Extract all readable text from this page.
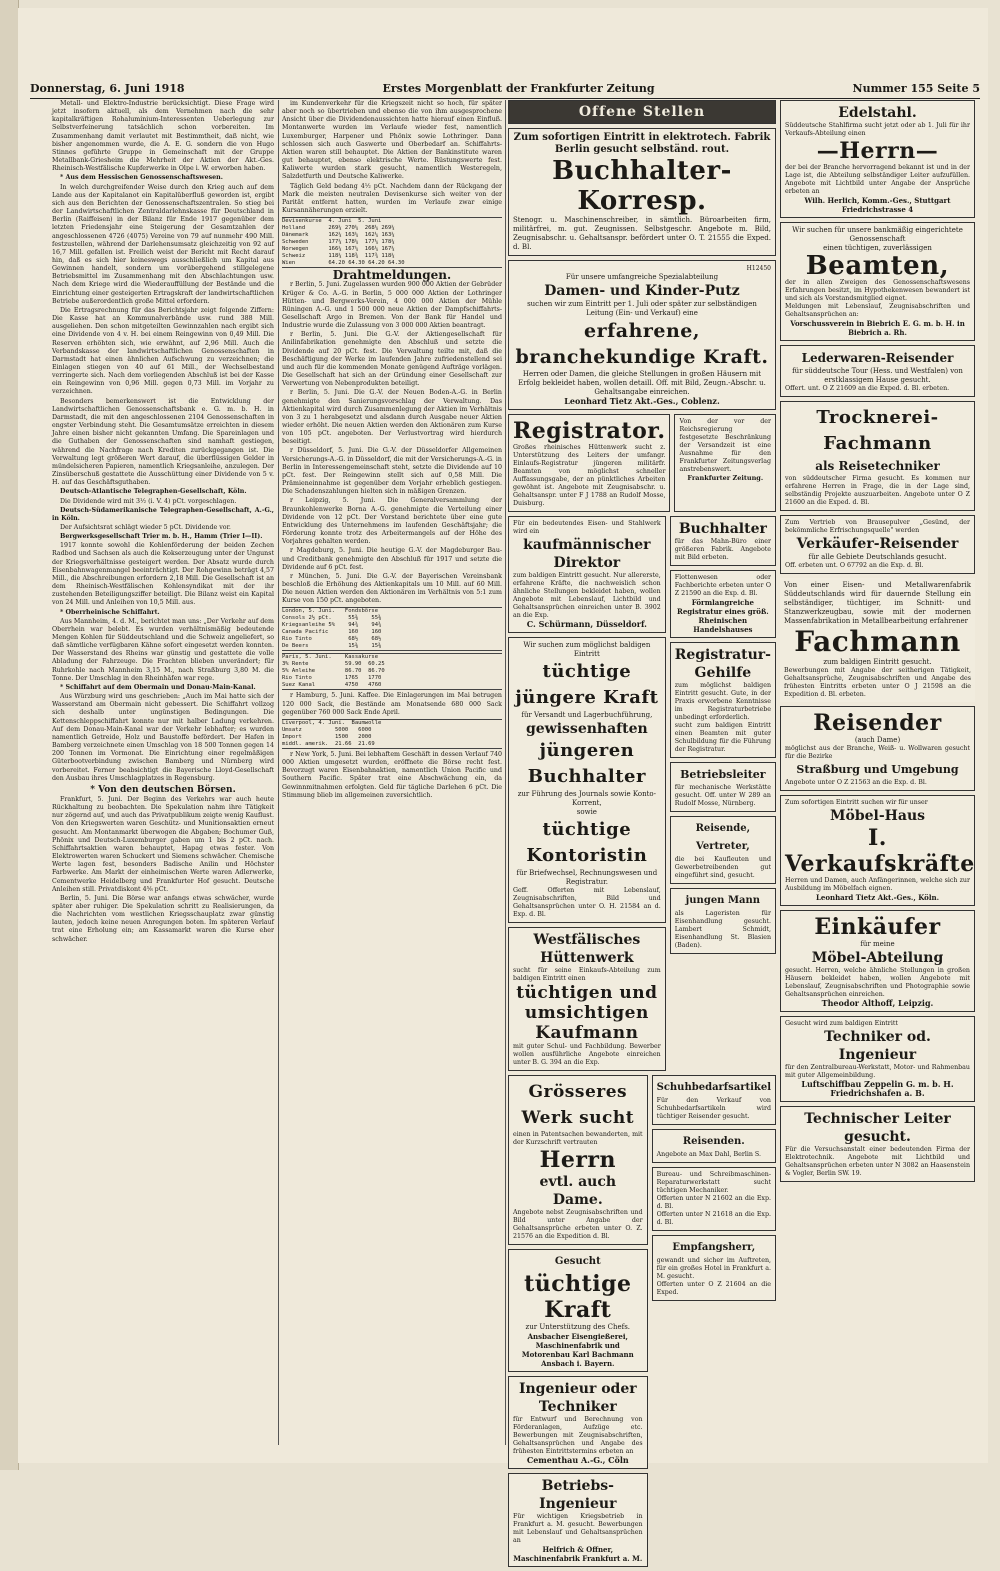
Donnerstag, 6. Juni 1918	Erstes Morgenblatt der Frankfurter Zeitung	Nummer 155 Seite 5

Metall- und Elektro-Industrie berücksichtigt. Diese Frage wird jetzt insofern aktuell, als dem Vernehmen nach die sehr kapitalkräftigen Rohaluminium-Interessenten Ueberlegung zur Selbstverfeinerung tatsächlich schon vorbereiten. Im Zusammenhang damit verlautet mit Bestimmtheit, daß nicht, wie bisher angenommen wurde, die A. E. G. sondern die von Hugo Stinnes geführte Gruppe in Gemeinschaft mit der Gruppe Metallbank-Griesheim die Mehrheit der Aktien der Akt.-Ges. Rheinisch-Westfälische Kupferwerke in Olpe i. W. erworben haben.

* Aus dem Hessischen Genossenschaftswesen.

In welch durchgreifender Weise durch den Krieg auch auf dem Lande aus der Kapitalanot ein Kapitalüberfluß geworden ist, ergibt sich aus den Berichten der Genossenschaftszentralen. So stieg bei der Landwirtschaftlichen Zentraldarlehnskasse für Deutschland in Berlin (Raiffeisen) in der Bilanz für Ende 1917 gegenüber dem letzten Friedensjahr eine Steigerung der Gesamtzahlen der angeschlossenen 4726 (4075) Vereine von 79 auf nunmehr 490 Mill. festzustellen, während der Darlehensumsatz gleichzeitig von 92 auf 16,7 Mill. gefallen ist. Freilich weist der Bericht mit Recht darauf hin, daß es sich hier keineswegs ausschließlich um Kapital aus Gewinnen handelt, sondern um vorübergehend stillgelegene Betriebsmittel im Zusammenhang mit den Abschlachtungen usw. Nach dem Kriege wird die Wiederauffüllung der Bestände und die Einrichtung einer gesteigerten Ertragskraft der landwirtschaftlichen Betriebe außerordentlich große Mittel erfordern.

Die Ertragsrechnung für das Berichtsjahr zeigt folgende Ziffern: Die Kasse hat an Kommunalverbände usw. rund 388 Mill. ausgeliehen. Den schon mitgeteilten Gewinnzahlen nach ergibt sich eine Dividende von 4 v. H. bei einem Reingewinn von 0,49 Mill. Die Reserven erhöhten sich, wie erwähnt, auf 2,96 Mill. Auch die Verbandskasse der landwirtschaftlichen Genossenschaften in Darmstadt hat einen ähnlichen Aufschwung zu verzeichnen; die Einlagen stiegen von 40 auf 61 Mill., der Wechselbestand verringerte sich. Nach dem vorliegenden Abschluß ist bei der Kasse ein Reingewinn von 0,96 Mill. gegen 0,73 Mill. im Vorjahr zu verzeichnen.

Besonders bemerkenswert ist die Entwicklung der Landwirtschaftlichen Genossenschaftsbank e. G. m. b. H. in Darmstadt, die mit den angeschlossenen 2104 Genossenschaften in engster Verbindung steht. Die Gesamtumsätze erreichten in diesem Jahre einen bisher nicht gekannten Umfang. Die Spareinlagen und die Guthaben der Genossenschaften sind namhaft gestiegen, während die Nachfrage nach Krediten zurückgegangen ist. Die Verwaltung legt größeren Wert darauf, die überflüssigen Gelder in mündelsicheren Papieren, namentlich Kriegsanleihe, anzulegen. Der Zinsüberschuß gestattete die Ausschüttung einer Dividende von 5 v. H. auf das Geschäftsguthaben.

Deutsch-Atlantische Telegraphen-Gesellschaft, Köln.

Die Dividende wird mit 3½ (i. V. 4) pCt. vorgeschlagen.

Deutsch-Südamerikanische Telegraphen-Gesellschaft, A.-G., in Köln.

Der Aufsichtsrat schlägt wieder 5 pCt. Dividende vor.

Bergwerksgesellschaft Trier m. b. H., Hamm (Trier I—II).

1917 konnte sowohl die Kohlenförderung der beiden Zechen Radbod und Sachsen als auch die Kokserzeugung unter der Ungunst der Kriegsverhältnisse gesteigert werden. Der Absatz wurde durch Eisenbahnwagenmangel beeinträchtigt. Der Rohgewinn beträgt 4,57 Mill., die Abschreibungen erfordern 2,18 Mill. Die Gesellschaft ist an dem Rheinisch-Westfälischen Kohlensyndikat mit der ihr zustehenden Beteiligungsziffer beteiligt. Die Bilanz weist ein Kapital von 24 Mill. und Anleihen von 10,5 Mill. aus.

* Oberrheinische Schiffahrt.

Aus Mannheim, 4. d. M., berichtet man uns: „Der Verkehr auf dem Oberrhein war belebt. Es wurden verhältnismäßig bedeutende Mengen Kohlen für Süddeutschland und die Schweiz angeliefert, so daß sämtliche verfügbaren Kähne sofort eingesetzt werden konnten. Der Wasserstand des Rheins war günstig und gestattete die volle Abladung der Fahrzeuge. Die Frachten blieben unverändert; für Ruhrkohle nach Mannheim 3,15 M., nach Straßburg 3,80 M. die Tonne. Der Umschlag in den Rheinhäfen war rege.

* Schiffahrt auf dem Obermain und Donau-Main-Kanal.

Aus Würzburg wird uns geschrieben: „Auch im Mai hatte sich der Wasserstand am Obermain nicht gebessert. Die Schiffahrt vollzog sich deshalb unter ungünstigen Bedingungen. Die Kettenschleppschiffahrt konnte nur mit halber Ladung verkehren. Auf dem Donau-Main-Kanal war der Verkehr lebhafter; es wurden namentlich Getreide, Holz und Baustoffe befördert. Der Hafen in Bamberg verzeichnete einen Umschlag von 18 500 Tonnen gegen 14 200 Tonnen im Vormonat. Die Einrichtung einer regelmäßigen Güterbootverbindung zwischen Bamberg und Nürnberg wird vorbereitet. Ferner beabsichtigt die Bayerische Lloyd-Gesellschaft den Ausbau ihres Umschlagplatzes in Regensburg.

* Von den deutschen Börsen.

Frankfurt, 5. Juni. Der Beginn des Verkehrs war auch heute Rückhaltung zu beobachten. Die Spekulation nahm ihre Tätigkeit nur zögernd auf, und auch das Privatpublikum zeigte wenig Kauflust. Von den Kriegswerten waren Geschütz- und Munitionsaktien erneut gesucht. Am Montanmarkt überwogen die Abgaben; Bochumer Guß, Phönix und Deutsch-Luxemburger gaben um 1 bis 2 pCt. nach. Schiffahrtsaktien waren behauptet, Hapag etwas fester. Von Elektrowerten waren Schuckert und Siemens schwächer. Chemische Werte lagen fest, besonders Badische Anilin und Höchster Farbwerke. Am Markt der einheimischen Werte waren Adlerwerke, Cementwerke Heidelberg und Frankfurter Hof gesucht. Deutsche Anleihen still. Privatdiskont 4⅝ pCt.

Berlin, 5. Juni. Die Börse war anfangs etwas schwächer, wurde später aber ruhiger. Die Spekulation schritt zu Realisierungen, da die Nachrichten vom westlichen Kriegsschauplatz zwar günstig lauten, jedoch keine neuen Anregungen boten. Im späteren Verlauf trat eine Erholung ein; am Kassamarkt waren die Kurse eher schwächer.

im Kundenverkehr für die Kriegszeit nicht so hoch, für später aber noch so übertrieben und ebenso die von ihm ausgesprochene Ansicht über die Dividendenaussichten hatte hierauf einen Einfluß. Montanwerte wurden im Verlaufe wieder fest, namentlich Luxemburger, Harpener und Phönix sowie Lothringer. Dann schlossen sich auch Gaswerte und Oberbedarf an. Schiffahrts-Aktien waren still behauptet. Die Aktien der Bankinstitute waren gut behauptet, ebenso elektrische Werte. Rüstungswerte fest. Kaliwerte wurden stark gesucht, namentlich Westeregeln, Salzdetfurth und Deutsche Kaliwerke.

Täglich Geld bedang 4½ pCt. Nachdem dann der Rückgang der Mark die meisten neutralen Devisenkurse sich weiter von der Parität entfernt hatten, wurden im Verlaufe zwar einige Kursannäherungen erzielt.

Devisenkurse  4. Juni  5. Juni
Holland       269¼ 270¼  268¼ 269¼
Dänemark      162¼ 163¼  162¼ 163¼
Schweden      177¼ 178¼  177¼ 178¼
Norwegen      166¼ 167¼  166¼ 167¼
Schweiz       118¼ 118¾  117¾ 118¼
Wien          64.20 64.30 64.20 64.30
Drahtmeldungen.

r Berlin, 5. Juni. Zugelassen wurden 900 000 Aktien der Gebrüder Krüger & Co. A.-G. in Berlin, 5 000 000 Aktien der Lothringer Hütten- und Bergwerks-Verein, 4 000 000 Aktien der Mühle Rüningen A.-G. und 1 500 000 neue Aktien der Dampfschiffahrts-Gesellschaft Argo in Bremen. Von der Bank für Handel und Industrie wurde die Zulassung von 3 000 000 Aktien beantragt.

r Berlin, 5. Juni. Die G.-V. der Aktiengesellschaft für Anilinfabrikation genehmigte den Abschluß und setzte die Dividende auf 20 pCt. fest. Die Verwaltung teilte mit, daß die Beschäftigung der Werke im laufenden Jahre zufriedenstellend sei und auch für die kommenden Monate genügend Aufträge vorlägen. Die Gesellschaft hat sich an der Gründung einer Gesellschaft zur Verwertung von Nebenprodukten beteiligt.

r Berlin, 5. Juni. Die G.-V. der Neuen Boden-A.-G. in Berlin genehmigte den Sanierungsvorschlag der Verwaltung. Das Aktienkapital wird durch Zusammenlegung der Aktien im Verhältnis von 3 zu 1 herabgesetzt und alsdann durch Ausgabe neuer Aktien wieder erhöht. Die neuen Aktien werden den Aktionären zum Kurse von 105 pCt. angeboten. Der Verlustvortrag wird hierdurch beseitigt.

r Düsseldorf, 5. Juni. Die G.-V. der Düsseldorfer Allgemeinen Versicherungs-A.-G. in Düsseldorf, die mit der Versicherungs-A.-G. in Berlin in Interessengemeinschaft steht, setzte die Dividende auf 10 pCt. fest. Der Reingewinn stellt sich auf 0,58 Mill. Die Prämieneinnahme ist gegenüber dem Vorjahr erheblich gestiegen. Die Schadenszahlungen hielten sich in mäßigen Grenzen.

r Leipzig, 5. Juni. Die Generalversammlung der Braunkohlenwerke Borna A.-G. genehmigte die Verteilung einer Dividende von 12 pCt. Der Vorstand berichtete über eine gute Entwicklung des Unternehmens im laufenden Geschäftsjahr; die Förderung konnte trotz des Arbeitermangels auf der Höhe des Vorjahres gehalten werden.

r Magdeburg, 5. Juni. Die heutige G.-V. der Magdeburger Bau- und Creditbank genehmigte den Abschluß für 1917 und setzte die Dividende auf 6 pCt. fest.

r München, 5. Juni. Die G.-V. der Bayerischen Vereinsbank beschloß die Erhöhung des Aktienkapitals um 10 Mill. auf 60 Mill. Die neuen Aktien werden den Aktionären im Verhältnis von 5:1 zum Kurse von 150 pCt. angeboten.

London, 5. Juni.   Fondsbörse
Consols 2½ pCt.     55⅜    55⅜
Kriegsanleihe 5%    94¾    94¾
Canada Pacific      160    160
Rio Tinto           68½    68½
De Beers            15⅜    15⅜
Paris, 5. Juni.    Kassakurse
3% Rente           59.90  60.25
5% Anleihe         86.70  86.70
Rio Tinto          1765   1770
Suez Kanal         4750   4760

r Hamburg, 5. Juni. Kaffee. Die Einlagerungen im Mai betrugen 120 000 Sack, die Bestände am Monatsende 680 000 Sack gegenüber 760 000 Sack Ende April.

Liverpool, 4. Juni.  Baumwolle
Umsatz          5000   6000
Import          1500   2000
middl. amerik.  21.66  21.69

r New York, 5. Juni. Bei lebhaftem Geschäft in dessen Verlauf 740 000 Aktien umgesetzt wurden, eröffnete die Börse recht fest. Bevorzugt waren Eisenbahnaktien, namentlich Union Pacific und Southern Pacific. Später trat eine Abschwächung ein, da Gewinnmitnahmen erfolgten. Geld für tägliche Darlehen 6 pCt. Die Stimmung blieb im allgemeinen zuversichtlich.

Offene Stellen
Zum sofortigen Eintritt in elektrotech. Fabrik Berlin gesucht selbständ. rout.
Buchhalter-Korresp.
Stenogr. u. Maschinenschreiber, in sämtlich. Büroarbeiten firm, militärfrei, m. gut. Zeugnissen. Selbstgeschr. Angebote m. Bild, Zeugnisabschr. u. Gehaltsanspr. befördert unter O. T. 21555 die Exped. d. Bl.
H12450
Für unsere umfangreiche Spezialabteilung
Damen- und Kinder-Putz
suchen wir zum Eintritt per 1. Juli oder später zur selbständigen Leitung (Ein- und Verkauf) eine
erfahrene, branchekundige Kraft.
Herren oder Damen, die gleiche Stellungen in großen Häusern mit Erfolg bekleidet haben, wollen detaill. Off. mit Bild, Zeugn.-Abschr. u. Gehaltsangabe einreichen.
Leonhard Tietz Akt.-Ges., Coblenz.
Registrator.
Großes rheinisches Hüttenwerk sucht z. Unterstützung des Leiters der umfangr. Einlaufs-Registratur jüngeren militärfr. Beamten von möglichst schneller Auffassungsgabe, der an pünktliches Arbeiten gewöhnt ist. Angebote mit Zeugnisabschr. u. Gehaltsanspr. unter F J 1788 an Rudolf Mosse, Duisburg.
Von der vor der Reichsregierung festgesetzte Beschränkung der Versandzeit ist eine Ausnahme für den Frankfurter Zeitungsverlag anstrebenswert.
Frankfurter Zeitung.
Für ein bedeutendes Eisen- und Stahlwerk wird ein
kaufmännischer Direktor
zum baldigen Eintritt gesucht. Nur allererste, erfahrene Kräfte, die nachweislich schon ähnliche Stellungen bekleidet haben, wollen Angebote mit Lebenslauf, Lichtbild und Gehaltsansprüchen einreichen unter B. 3902 an die Exp.
C. Schürmann, Düsseldorf.
Wir suchen zum möglichst baldigen Eintritt
tüchtige jüngere Kraft
für Versandt und Lagerbuchführung,
gewissenhaften
jüngeren Buchhalter
zur Führung des Journals sowie Konto-Korrent,
sowie
tüchtige Kontoristin
für Briefwechsel, Rechnungswesen und Registratur.
Geff. Offerten mit Lebenslauf, Zeugnisabschriften, Bild und Gehaltsansprüchen unter O. H. 21584 an d. Exp. d. Bl.
Westfälisches Hüttenwerk
sucht für seine Einkaufs-Abteilung zum baldigen Eintritt einen
tüchtigen und umsichtigen Kaufmann
mit guter Schul- und Fachbildung. Bewerber wollen ausführliche Angebote einreichen unter B. G. 394 an die Exp.
Buchhalter
für das Mahn-Büro einer größeren Fabrik. Angebote mit Bild erbeten.
Flottenwesen oder Fachberichte erbeten unter O Z 21590 an die Exp. d. Bl.
Förmlangreiche Registratur eines größ. Rheinischen Handelshauses
Registratur-Gehilfe
zum möglichst baldigen Eintritt gesucht. Gute, in der Praxis erworbene Kenntnisse im Registraturbetriebe unbedingt erforderlich.
sucht zum baldigen Eintritt einen Beamten mit guter Schulbildung für die Führung der Registratur.
Betriebsleiter
für mechanische Werkstätte gesucht. Off. unter W 289 an Rudolf Mosse, Nürnberg.
Reisende, Vertreter,
die bei Kaufleuten und Gewerbetreibenden gut eingeführt sind, gesucht.
jungen Mann
als Lageristen für Eisenhandlung gesucht. Lambert Schmidt, Eisenhandlung St. Blasien (Baden).
Grösseres Werk sucht
einen in Patentsachen bewanderten, mit der Kurzschrift vertrauten
Herrn
evtl. auch Dame.
Angebote nebst Zeugnisabschriften und Bild unter Angabe der Gehaltsansprüche erbeten unter O. Z. 21576 an die Expedition d. Bl.
Gesucht
tüchtige Kraft
zur Unterstützung des Chefs.
Ansbacher Eisengießerei, Maschinenfabrik und Motorenbau Karl Bachmann Ansbach i. Bayern.
Ingenieur oder Techniker
für Entwurf und Berechnung von Förderanlagen, Aufzüge etc. Bewerbungen mit Zeugnisabschriften, Gehaltsansprüchen und Angabe des frühesten Eintrittstermins erbeten an
Cementhau A.-G., Cöln
Betriebs-Ingenieur
Für wichtigen Kriegsbetrieb in Frankfurt a. M. gesucht. Bewerbungen mit Lebenslauf und Gehaltsansprüchen an
Helfrich & Offner, Maschinenfabrik Frankfurt a. M.
Schuhbedarfsartikel
Für den Verkauf von Schuhbedarfsartikeln wird tüchtiger Reisender gesucht.
Reisenden.
Angebote an Max Dahl, Berlin S.
Bureau- und Schreibmaschinen-Reparaturwerkstatt sucht tüchtigen Mechaniker.
Offerten unter N 21602 an die Exp. d. Bl.
Offerten unter N 21618 an die Exp. d. Bl.
Empfangsherr,
gewandt und sicher im Auftreten, für ein großes Hotel in Frankfurt a. M. gesucht.
Offerten unter O Z 21604 an die Exped.
Edelstahl.
Süddeutsche Stahlfirma sucht jetzt oder ab 1. Juli für ihr Verkaufs-Abteilung einen
—Herrn—
der bei der Branche hervorragend bekannt ist und in der Lage ist, die Abteilung selbständiger Leiter aufzufüllen. Angebote mit Lichtbild unter Angabe der Ansprüche erbeten an
Wilh. Herlich, Komm.-Ges., Stuttgart Friedrichstrasse 4
Wir suchen für unsere bankmäßig eingerichtete Genossenschaft
einen tüchtigen, zuverlässigen
Beamten,
der in allen Zweigen des Genossenschaftswesens Erfahrungen besitzt, im Hypothekenwesen bewandert ist und sich als Vorstandsmitglied eignet.
Meldungen mit Lebenslauf, Zeugnisabschriften und Gehaltsansprüchen an:
Vorschussverein in Biebrich E. G. m. b. H. in Biebrich a. Rh.
Lederwaren-Reisender
für süddeutsche Tour (Hess. und Westfalen) von erstklassigem Hause gesucht.
Offert. unt. O Z 21609 an die Exped. d. Bl. erbeten.
Trocknerei-Fachmann
als Reisetechniker
von süddeutscher Firma gesucht. Es kommen nur erfahrene Herren in Frage, die in der Lage sind, selbständig Projekte auszuarbeiten. Angebote unter O Z 21600 an die Exped. d. Bl.
Zum Vertrieb von Brausepulver „Gesünd, der bekömmliche Erfrischungsquelle" werden
Verkäufer-Reisender
für alle Gebiete Deutschlands gesucht.
Off. erbeten unt. O 67792 an die Exp. d. Bl.
Von einer Eisen- und Metallwarenfabrik Süddeutschlands wird für dauernde Stellung ein selbständiger, tüchtiger, im Schnitt- und Stanzwerkzeugbau, sowie mit der modernen Massenfabrikation in Metallbearbeitung erfahrener
Fachmann
zum baldigen Eintritt gesucht.
Bewerbungen mit Angabe der seitherigen Tätigkeit, Gehaltsansprüche, Zeugnisabschriften und Angabe des frühesten Eintritts erbeten unter O J 21598 an die Expedition d. Bl. erbeten.
Reisender
(auch Dame)
möglichst aus der Branche, Weiß- u. Wollwaren gesucht für die Bezirke
Straßburg und Umgebung
Angebote unter O Z 21563 an die Exp. d. Bl.
Zum sofortigen Eintritt suchen wir für unser
Möbel-Haus
I. Verkaufskräfte
Herren und Damen, auch Anfängerinnen, welche sich zur Ausbildung im Möbelfach eignen.
Leonhard Tietz Akt.-Ges., Köln.
Einkäufer
für meine
Möbel-Abteilung
gesucht. Herren, welche ähnliche Stellungen in großen Häusern bekleidet haben, wollen Angebote mit Lebenslauf, Zeugnisabschriften und Photographie sowie Gehaltsansprüchen einreichen.
Theodor Althoff, Leipzig.
Gesucht wird zum baldigen Eintritt
Techniker od. Ingenieur
für den Zentralbureau-Werkstatt, Motor- und Rahmenbau mit guter Allgemeinbildung.
Luftschiffbau Zeppelin G. m. b. H. Friedrichshafen a. B.
Technischer Leiter gesucht.
Für die Versuchsanstalt einer bedeutenden Firma der Elektrotechnik. Angebote mit Lichtbild und Gehaltsansprüchen erbeten unter N 3082 an Haasenstein & Vogler, Berlin SW. 19.
